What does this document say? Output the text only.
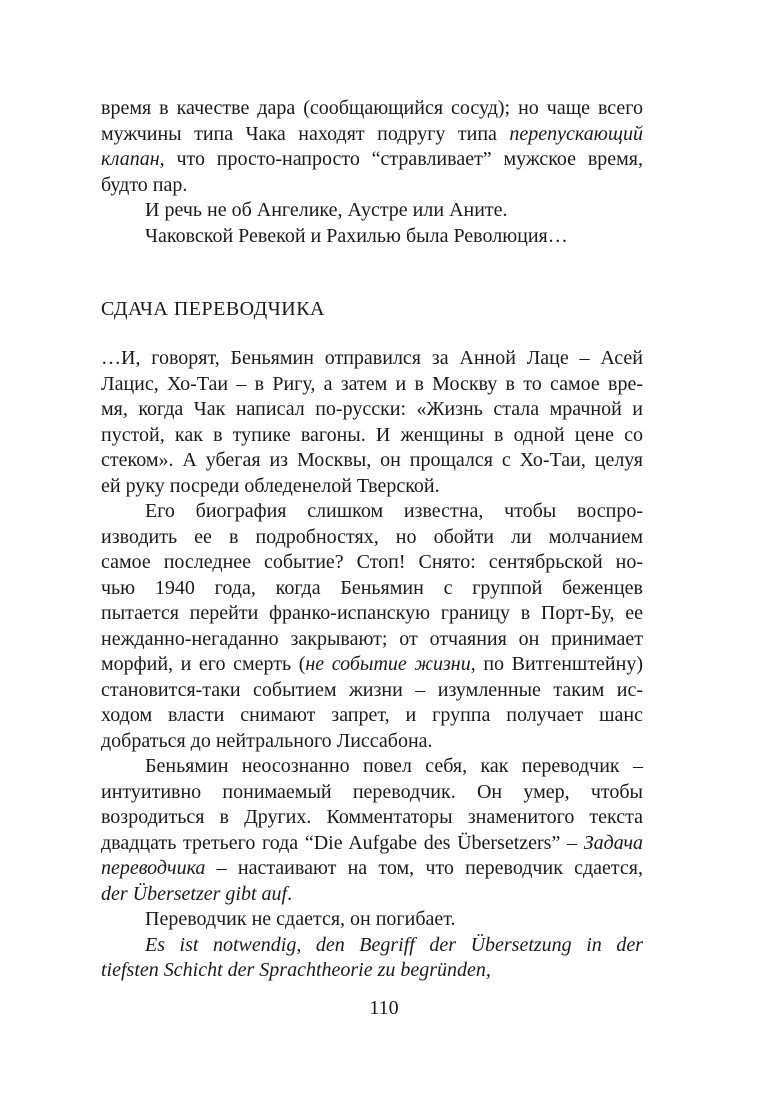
время в качестве дара (сообщающийся сосуд); но чаще всего
мужчины типа Чака находят подругу типа перепускающий
клапан, что просто-напросто “стравливает” мужское время,
будто пар.
И речь не об Ангелике, Аустре или Аните.
Чаковской Ревекой и Рахилью была Революция…
СДАЧА ПЕРЕВОДЧИКА
…И, говорят, Беньямин отправился за Анной Лаце – Асей
Лацис, Хо-Таи – в Ригу, а затем и в Москву в то самое вре-
мя, когда Чак написал по-русски: «Жизнь стала мрачной и
пустой, как в тупике вагоны. И женщины в одной цене со
стеком». А убегая из Москвы, он прощался с Хо-Таи, целуя
ей руку посреди обледенелой Тверской.
Его биография слишком известна, чтобы воспро-
изводить ее в подробностях, но обойти ли молчанием
самое последнее событие? Стоп! Снято: сентябрьской но-
чью 1940 года, когда Беньямин с группой беженцев
пытается перейти франко-испанскую границу в Порт-Бу, ее
нежданно-негаданно закрывают; от отчаяния он принимает
морфий, и его смерть (не событие жизни, по Витгенштейну)
становится-таки событием жизни – изумленные таким ис-
ходом власти снимают запрет, и группа получает шанс
добраться до нейтрального Лиссабона.
Беньямин неосознанно повел себя, как переводчик –
интуитивно понимаемый переводчик. Он умер, чтобы
возродиться в Других. Комментаторы знаменитого текста
двадцать третьего года “Die Aufgabe des Übersetzers” – Задача
переводчика – настаивают на том, что переводчик сдается,
der Übersetzer gibt auf.
Переводчик не сдается, он погибает.
Es ist notwendig, den Begriff der Übersetzung in der
tiefsten Schicht der Sprachtheorie zu begründen,
110
